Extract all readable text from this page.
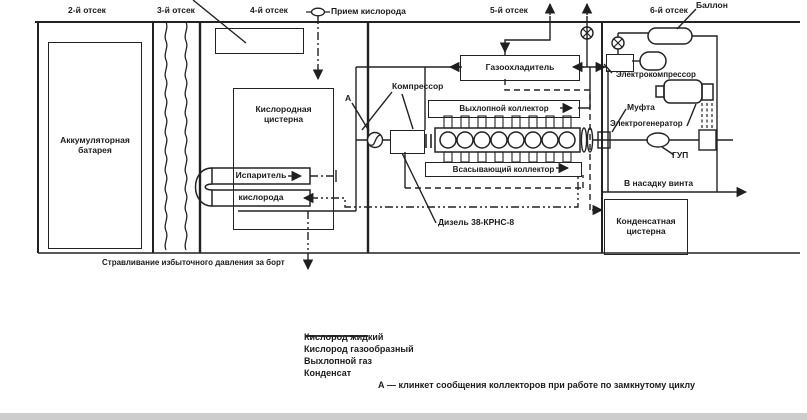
Аккумуляторная батарея
Кислородная цистерна
Газоохладитель
Выхлопной коллектор
Всасывающий коллектор
Конденсатная цистерна
2-й отсек	3-й отсек	4-й отсек	5-й отсек	6-й отсек
Прием кислорода
Баллон
Испаритель
кислорода
А
Компрессор
Дизель 38-КРНС-8
Электрокомпрессор
Муфта
Электрогенератор
ГУП
В насадку винта
Стравливание избыточного давления за борт
Кислород жидкий
Кислород газообразный
Выхлопной газ
Конденсат
А — клинкет сообщения коллекторов при работе по замкнутому циклу
